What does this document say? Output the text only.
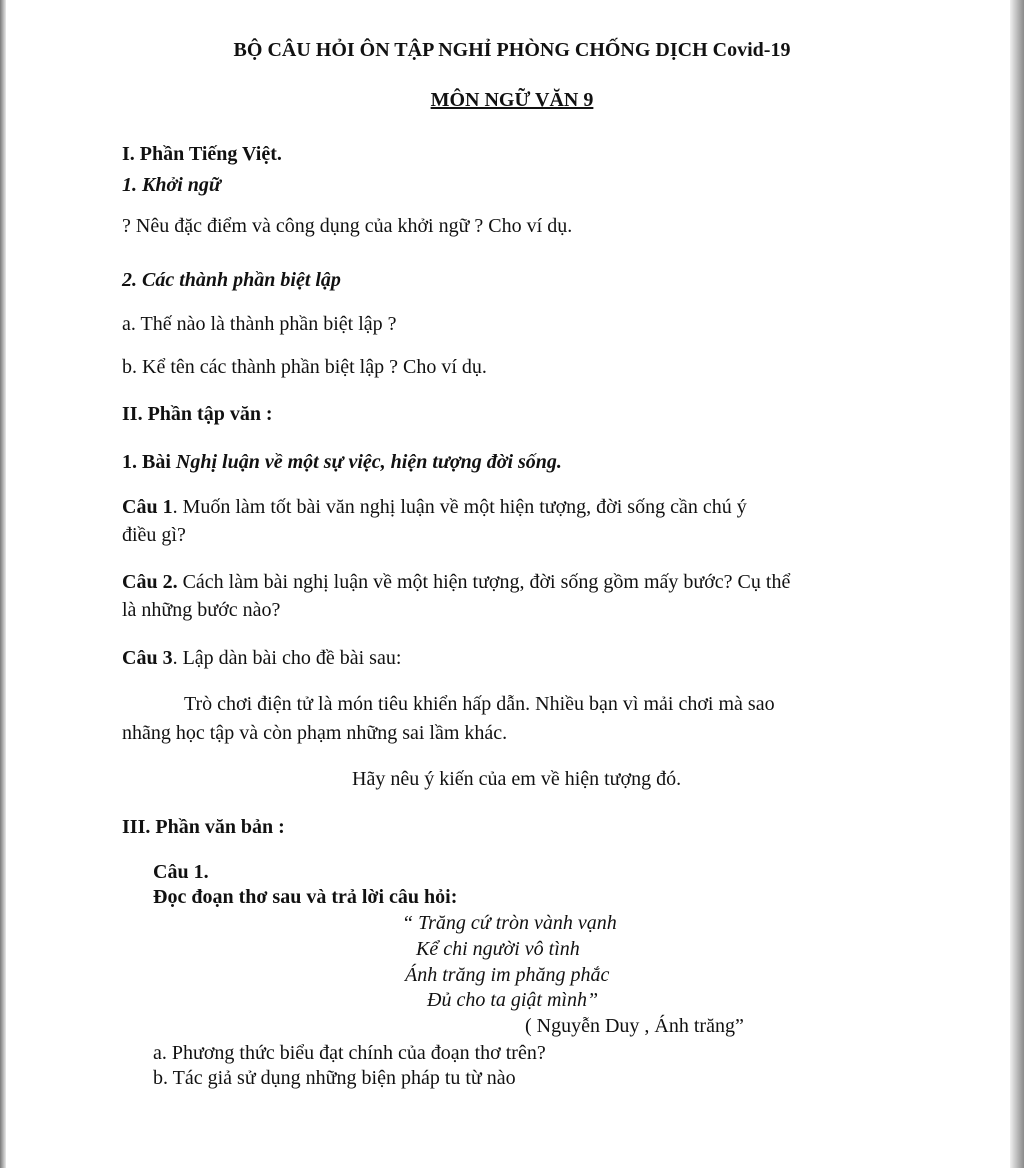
BỘ CÂU HỎI ÔN TẬP NGHỈ PHÒNG CHỐNG DỊCH Covid-19
MÔN NGỮ VĂN 9
I. Phần Tiếng Việt.
1. Khởi ngữ
? Nêu đặc điểm và công dụng của khởi ngữ ? Cho ví dụ.
2. Các thành phần biệt lập
a. Thế nào là thành phần biệt lập ?
b. Kể tên các thành phần biệt lập ? Cho ví dụ.
II. Phần tập văn :
1. Bài Nghị luận về một sự việc, hiện tượng đời sống.
Câu 1. Muốn làm tốt bài văn nghị luận về một hiện tượng, đời sống cần chú ý
điều gì?
Câu 2. Cách làm bài nghị luận về một hiện tượng, đời sống gồm mấy bước? Cụ thể
là những bước nào?
Câu 3. Lập dàn bài cho đề bài sau:
Trò chơi điện tử là món tiêu khiển hấp dẫn. Nhiều bạn vì mải chơi mà sao
nhãng học tập và còn phạm những sai lầm khác.
Hãy nêu ý kiến của em về hiện tượng đó.
III. Phần văn bản :
Câu 1.
Đọc đoạn thơ sau và trả lời câu hỏi:
“ Trăng cứ tròn vành vạnh
Kể chi người vô tình
Ánh trăng im phăng phắc
Đủ cho ta giật mình”
( Nguyễn Duy , Ánh trăng”
a. Phương thức biểu đạt chính của đoạn thơ trên?
b. Tác giả sử dụng những biện pháp tu từ nào
